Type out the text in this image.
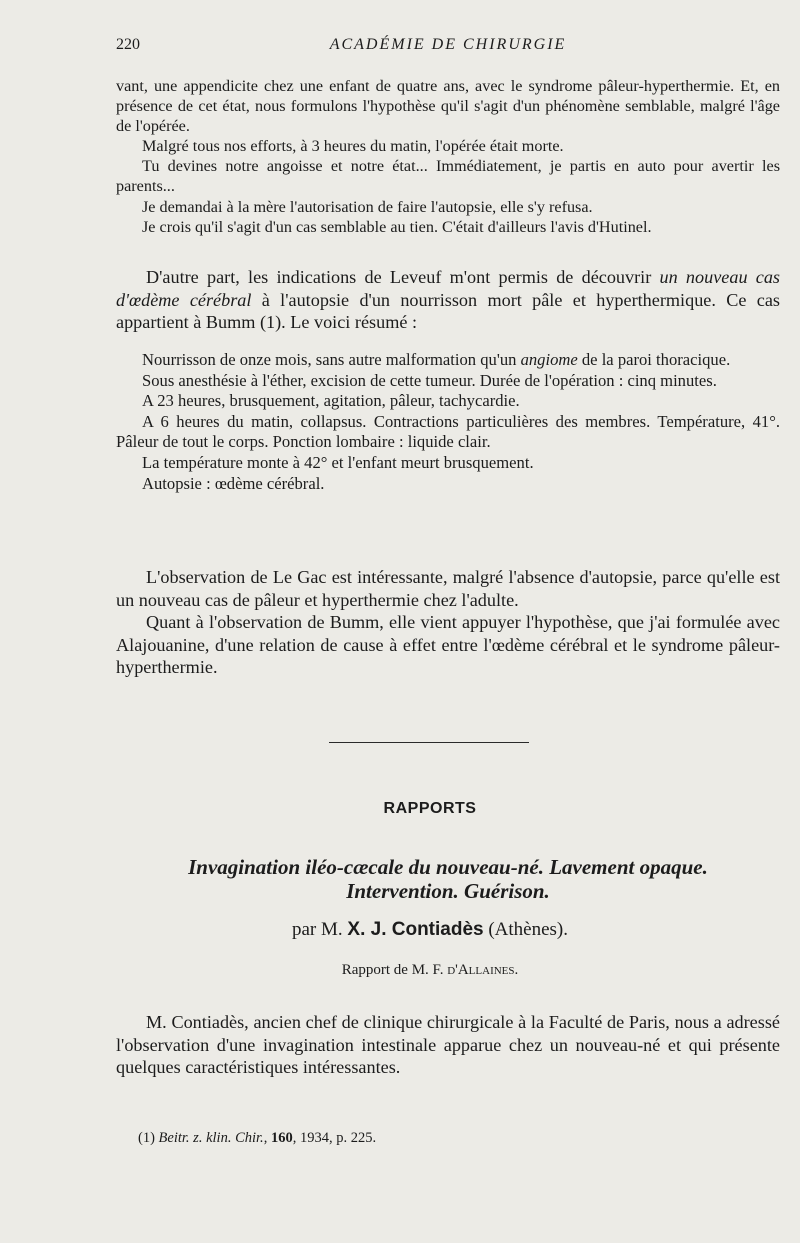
220	ACADÉMIE DE CHIRURGIE

vant, une appendicite chez une enfant de quatre ans, avec le syndrome pâleur-hyperthermie. Et, en présence de cet état, nous formulons l'hypothèse qu'il s'agit d'un phénomène semblable, malgré l'âge de l'opérée.

Malgré tous nos efforts, à 3 heures du matin, l'opérée était morte.

Tu devines notre angoisse et notre état... Immédiatement, je partis en auto pour avertir les parents...

Je demandai à la mère l'autorisation de faire l'autopsie, elle s'y refusa.

Je crois qu'il s'agit d'un cas semblable au tien. C'était d'ailleurs l'avis d'Hutinel.

D'autre part, les indications de Leveuf m'ont permis de découvrir un nouveau cas d'œdème cérébral à l'autopsie d'un nourrisson mort pâle et hyperthermique. Ce cas appartient à Bumm (1). Le voici résumé :

Nourrisson de onze mois, sans autre malformation qu'un angiome de la paroi thoracique.

Sous anesthésie à l'éther, excision de cette tumeur. Durée de l'opération : cinq minutes.

A 23 heures, brusquement, agitation, pâleur, tachycardie.

A 6 heures du matin, collapsus. Contractions particulières des membres. Température, 41°. Pâleur de tout le corps. Ponction lombaire : liquide clair.

La température monte à 42° et l'enfant meurt brusquement.

Autopsie : œdème cérébral.

L'observation de Le Gac est intéressante, malgré l'absence d'autopsie, parce qu'elle est un nouveau cas de pâleur et hyperthermie chez l'adulte.

Quant à l'observation de Bumm, elle vient appuyer l'hypothèse, que j'ai formulée avec Alajouanine, d'une relation de cause à effet entre l'œdème cérébral et le syndrome pâleur-hyperthermie.

RAPPORTS
Invagination iléo-cæcale du nouveau-né. Lavement opaque.
Intervention. Guérison.
par M. X. J. Contiadès (Athènes).
Rapport de M. F. d'Allaines.

M. Contiadès, ancien chef de clinique chirurgicale à la Faculté de Paris, nous a adressé l'observation d'une invagination intestinale apparue chez un nouveau-né et qui présente quelques caractéristiques intéressantes.

(1) Beitr. z. klin. Chir., 160, 1934, p. 225.
